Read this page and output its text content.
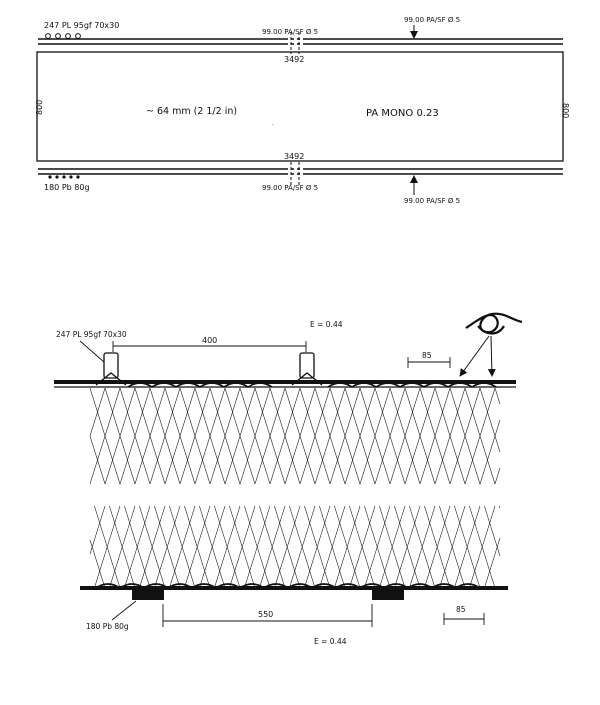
247 PL 95gf 70x30
99.00 PA/SF Ø 5
99.00 PA/SF Ø 5
3492
800	800
~ 64 mm (2 1/2 in)	PA MONO 0.23
·
3492
180 Pb 80g	99.00 PA/SF Ø 5
99.00 PA/SF Ø 5
247 PL 95gf 70x30
400
E = 0.44
85
180 Pb 80g
550
85
E = 0.44
